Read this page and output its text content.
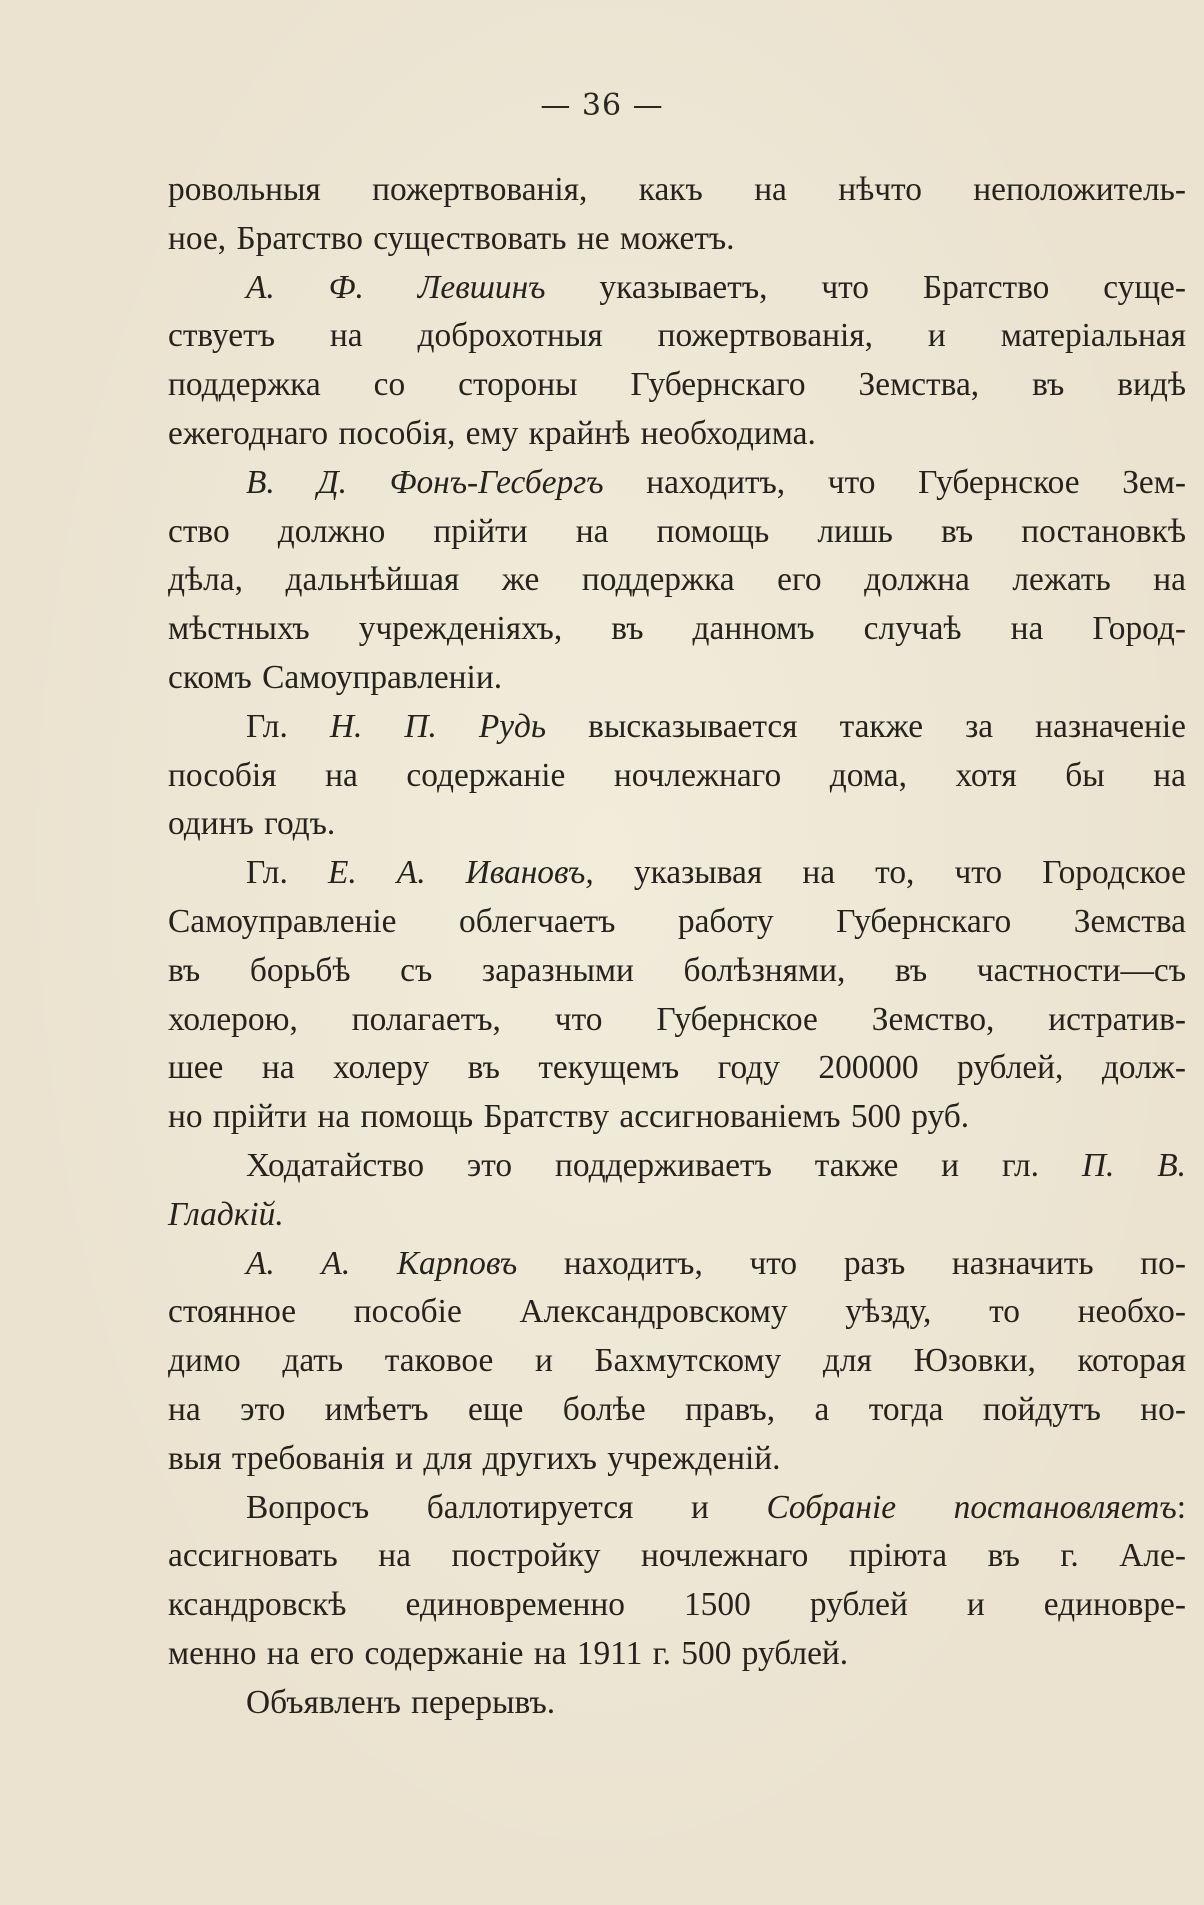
— 36 —
ровольныя пожертвованія, какъ на нѣчто неположитель-
ное, Братство существовать не можетъ.
А. Ф. Левшинъ указываетъ, что Братство суще-
ствуетъ на доброхотныя пожертвованія, и матеріальная
поддержка со стороны Губернскаго Земства, въ видѣ
ежегоднаго пособія, ему крайнѣ необходима.
В. Д. Фонъ-Гесбергъ находитъ, что Губернское Зем-
ство должно прійти на помощь лишь въ постановкѣ
дѣла, дальнѣйшая же поддержка его должна лежать на
мѣстныхъ учрежденіяхъ, въ данномъ случаѣ на Город-
скомъ Самоуправленіи.
Гл. Н. П. Рудь высказывается также за назначеніе
пособія на содержаніе ночлежнаго дома, хотя бы на
одинъ годъ.
Гл. Е. А. Ивановъ, указывая на то, что Городское
Самоуправленіе облегчаетъ работу Губернскаго Земства
въ борьбѣ съ заразными болѣзнями, въ частности—съ
холерою, полагаетъ, что Губернское Земство, истратив-
шее на холеру въ текущемъ году 200000 рублей, долж-
но прійти на помощь Братству ассигнованіемъ 500 руб.
Ходатайство это поддерживаетъ также и гл. П. В.
Гладкій.
А. А. Карповъ находитъ, что разъ назначить по-
стоянное пособіе Александровскому уѣзду, то необхо-
димо дать таковое и Бахмутскому для Юзовки, которая
на это имѣетъ еще болѣе правъ, а тогда пойдутъ но-
выя требованія и для другихъ учрежденій.
Вопросъ баллотируется и Собраніе постановляетъ:
ассигновать на постройку ночлежнаго пріюта въ г. Але-
ксандровскѣ единовременно 1500 рублей и единовре-
менно на его содержаніе на 1911 г. 500 рублей.
Объявленъ перерывъ.
